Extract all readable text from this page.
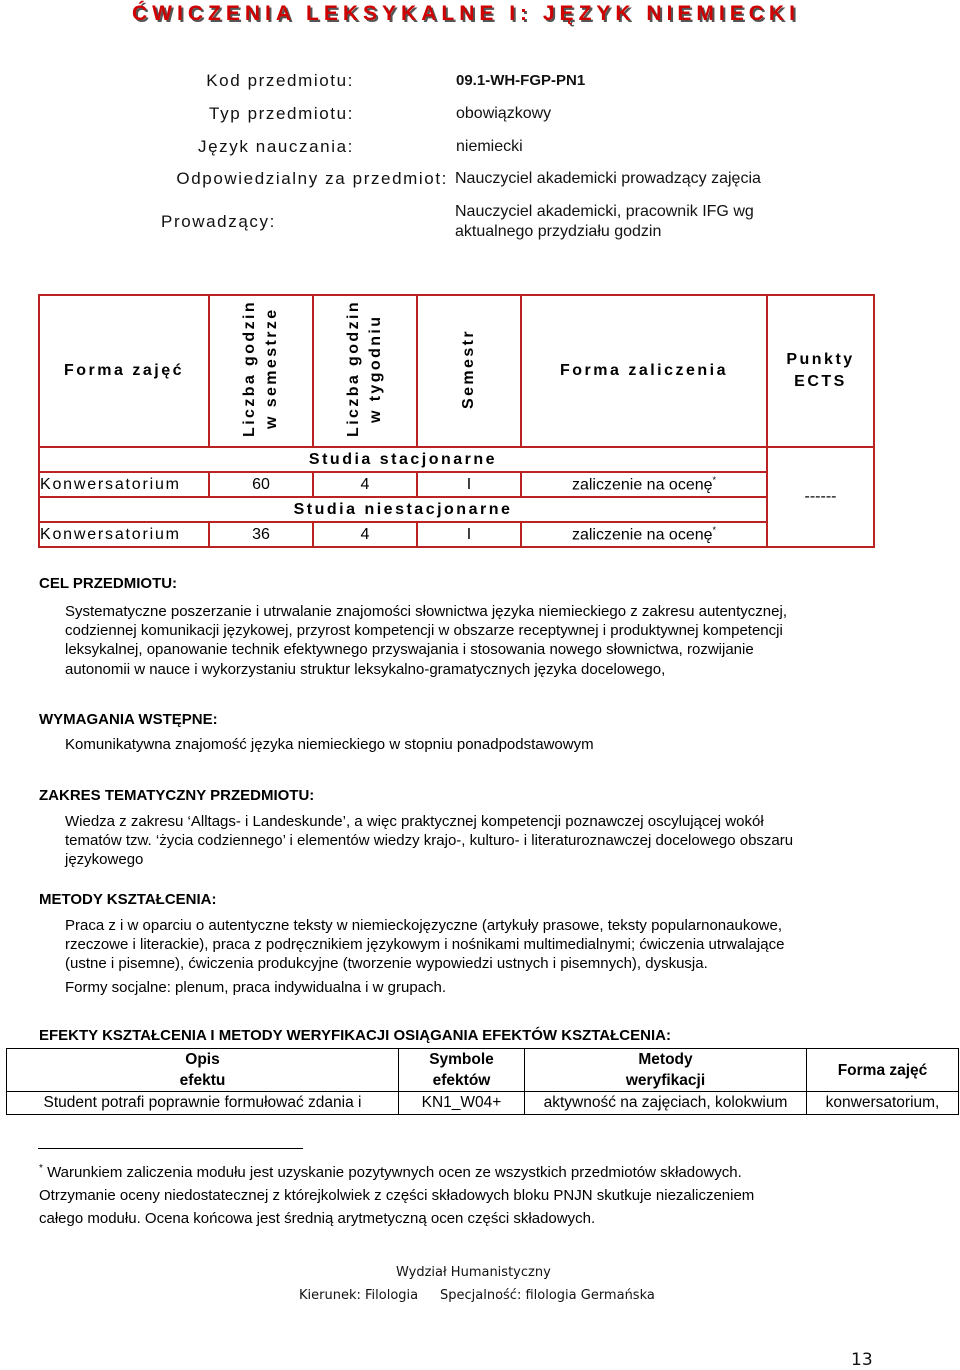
ĆWICZENIA LEKSYKALNE I: JĘZYK NIEMIECKI
Kod przedmiotu:	09.1-WH-FGP-PN1
Typ przedmiotu:	obowiązkowy
Język nauczania:	niemiecki
Odpowiedzialny za przedmiot: Nauczyciel akademicki prowadzący zajęcia
Prowadzący:
Nauczyciel akademicki, pracownik IFG wg
aktualnego przydziału godzin
Forma zajęć	Liczba godzin w semestrze	Liczba godzin w tygodniu	Semestr	Forma zaliczenia	Punkty
ECTS
Studia stacjonarne					------
Konwersatorium	60	4	I	zaliczenie na ocenę*
Studia niestacjonarne					
Konwersatorium	36	4	I	zaliczenie na ocenę*
CEL PRZEDMIOTU:
Systematyczne poszerzanie i utrwalanie znajomości słownictwa języka niemieckiego z zakresu autentycznej,
codziennej komunikacji językowej, przyrost kompetencji w obszarze receptywnej i produktywnej kompetencji
leksykalnej, opanowanie technik efektywnego przyswajania i stosowania nowego słownictwa, rozwijanie
autonomii w nauce i wykorzystaniu struktur leksykalno-gramatycznych języka docelowego,
WYMAGANIA WSTĘPNE:
Komunikatywna znajomość języka niemieckiego w stopniu ponadpodstawowym
ZAKRES TEMATYCZNY PRZEDMIOTU:
Wiedza z zakresu ‘Alltags- i Landeskunde’, a więc praktycznej kompetencji poznawczej oscylującej wokół
tematów tzw. ‘życia codziennego’ i elementów wiedzy krajo-, kulturo- i literaturoznawczej docelowego obszaru
językowego
METODY KSZTAŁCENIA:
Praca z i w oparciu o autentyczne teksty w niemieckojęzyczne (artykuły prasowe, teksty popularnonaukowe,
rzeczowe i literackie), praca z podręcznikiem językowym i nośnikami multimedialnymi; ćwiczenia utrwalające
(ustne i pisemne), ćwiczenia produkcyjne (tworzenie wypowiedzi ustnych i pisemnych), dyskusja.
Formy socjalne: plenum, praca indywidualna i w grupach.
EFEKTY KSZTAŁCENIA I METODY WERYFIKACJI OSIĄGANIA EFEKTÓW KSZTAŁCENIA:
Opis
efektu	Symbole
efektów	Metody
weryfikacji	Forma zajęć
Student potrafi poprawnie formułować zdania i	KN1_W04+	aktywność na zajęciach, kolokwium	konwersatorium,
* Warunkiem zaliczenia modułu jest uzyskanie pozytywnych ocen ze wszystkich przedmiotów składowych.
Otrzymanie oceny niedostatecznej z którejkolwiek z części składowych bloku PNJN skutkuje niezaliczeniem
całego modułu. Ocena końcowa jest średnią arytmetyczną ocen części składowych.
Wydział Humanistyczny
Kierunek: Filologia Specjalność: filologia Germańska
13
